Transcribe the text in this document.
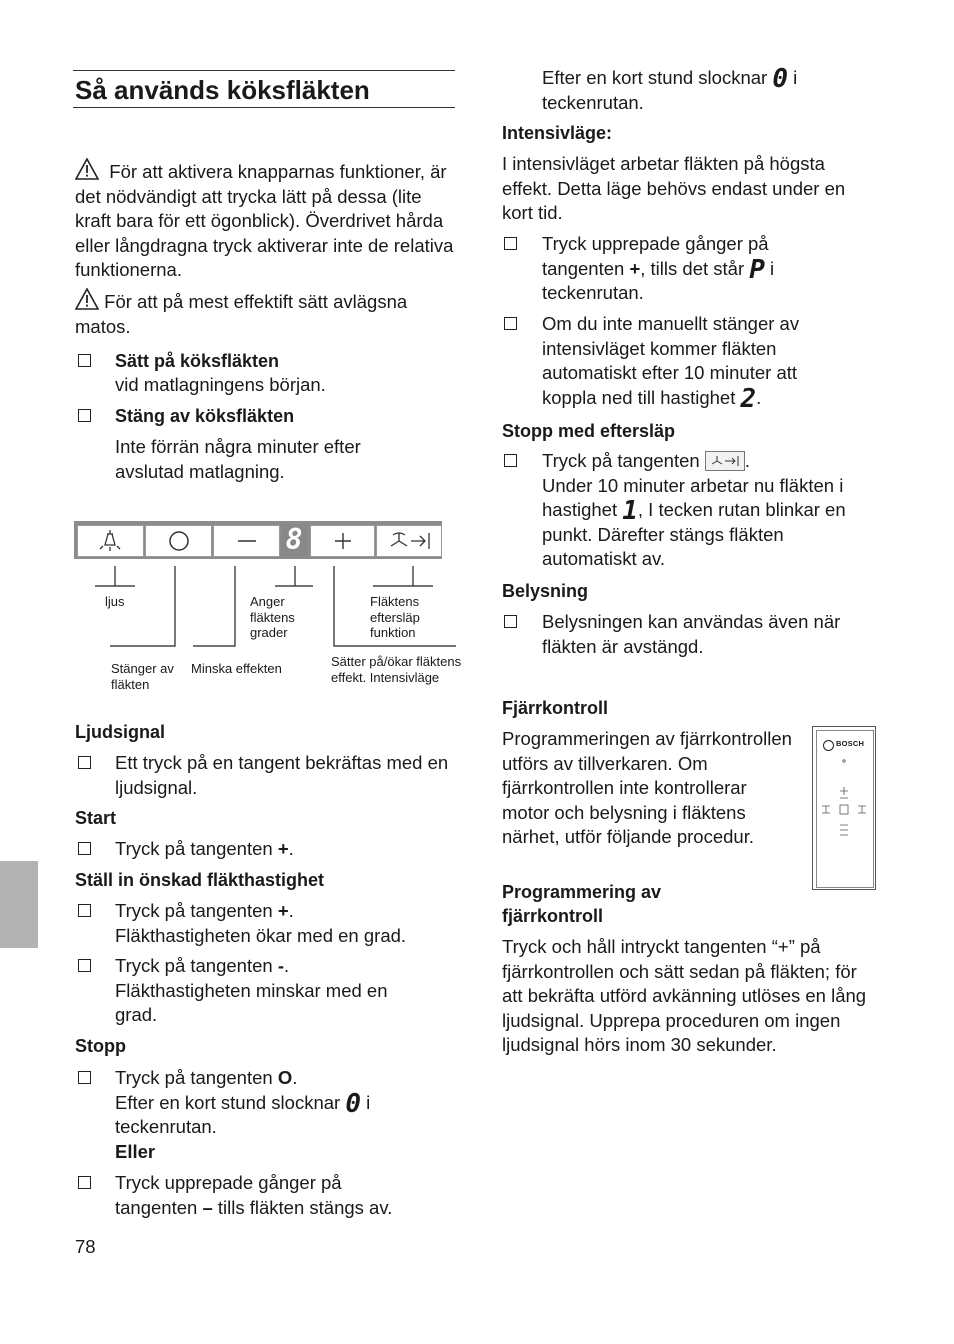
Så används köksfläkten
För att aktivera knapparnas funktioner, är det nödvändigt att trycka lätt på dessa (lite kraft bara för ett ögonblick). Överdrivet hårda eller långdragna tryck aktiverar inte de relativa funktionerna.
För att på mest effektift sätt avlägsna matos.
Sätt på köksfläkten
vid matlagningens början.
Stäng av köksfläkten
Inte förrän några minuter efter avslutad matlagning.
8
ljus	Anger fläktens grader
Fläktens eftersläp funktion
Stänger av fläkten
Minska effekten	Sätter på/ökar fläktens effekt. Intensivläge
Ljudsignal
Ett tryck på en tangent bekräftas med en ljudsignal.
Start
Tryck på tangenten +.
Ställ in önskad fläkthastighet
Tryck på tangenten +.
Fläkthastigheten ökar med en grad.
Tryck på tangenten -.
Fläkthastigheten minskar med en grad.
Stopp
Tryck på tangenten O.
Efter en kort stund slocknar 0 i
teckenrutan.
Eller
Tryck upprepade gånger på
tangenten – tills fläkten stängs av.
78
Efter en kort stund slocknar 0 i
teckenrutan.
Intensivläge:
I intensivläget arbetar fläkten på högsta effekt. Detta läge behövs endast under en kort tid.
Tryck upprepade gånger på
tangenten +, tills det står P i
teckenrutan.
Om du inte manuellt stänger av intensivläget kommer fläkten automatiskt efter 10 minuter att koppla ned till hastighet 2.
Stopp med eftersläp
Tryck på tangenten .
Under 10 minuter arbetar nu fläkten i
hastighet 1, I tecken rutan blinkar en
punkt. Därefter stängs fläkten
automatiskt av.
Belysning
Belysningen kan användas även när fläkten är avstängd.
Fjärrkontroll
Programmeringen av fjärrkontrollen utförs av tillverkaren. Om fjärrkontrollen inte kontrollerar motor och belysning i fläktens närhet, utför följande procedur.
BOSCH
Programmering av fjärrkontroll
Tryck och håll intryckt tangenten “+” på fjärrkontrollen och sätt sedan på fläkten; för att bekräfta utförd avkänning utlöses en lång ljudsignal. Upprepa proceduren om ingen ljudsignal hörs inom 30 sekunder.
